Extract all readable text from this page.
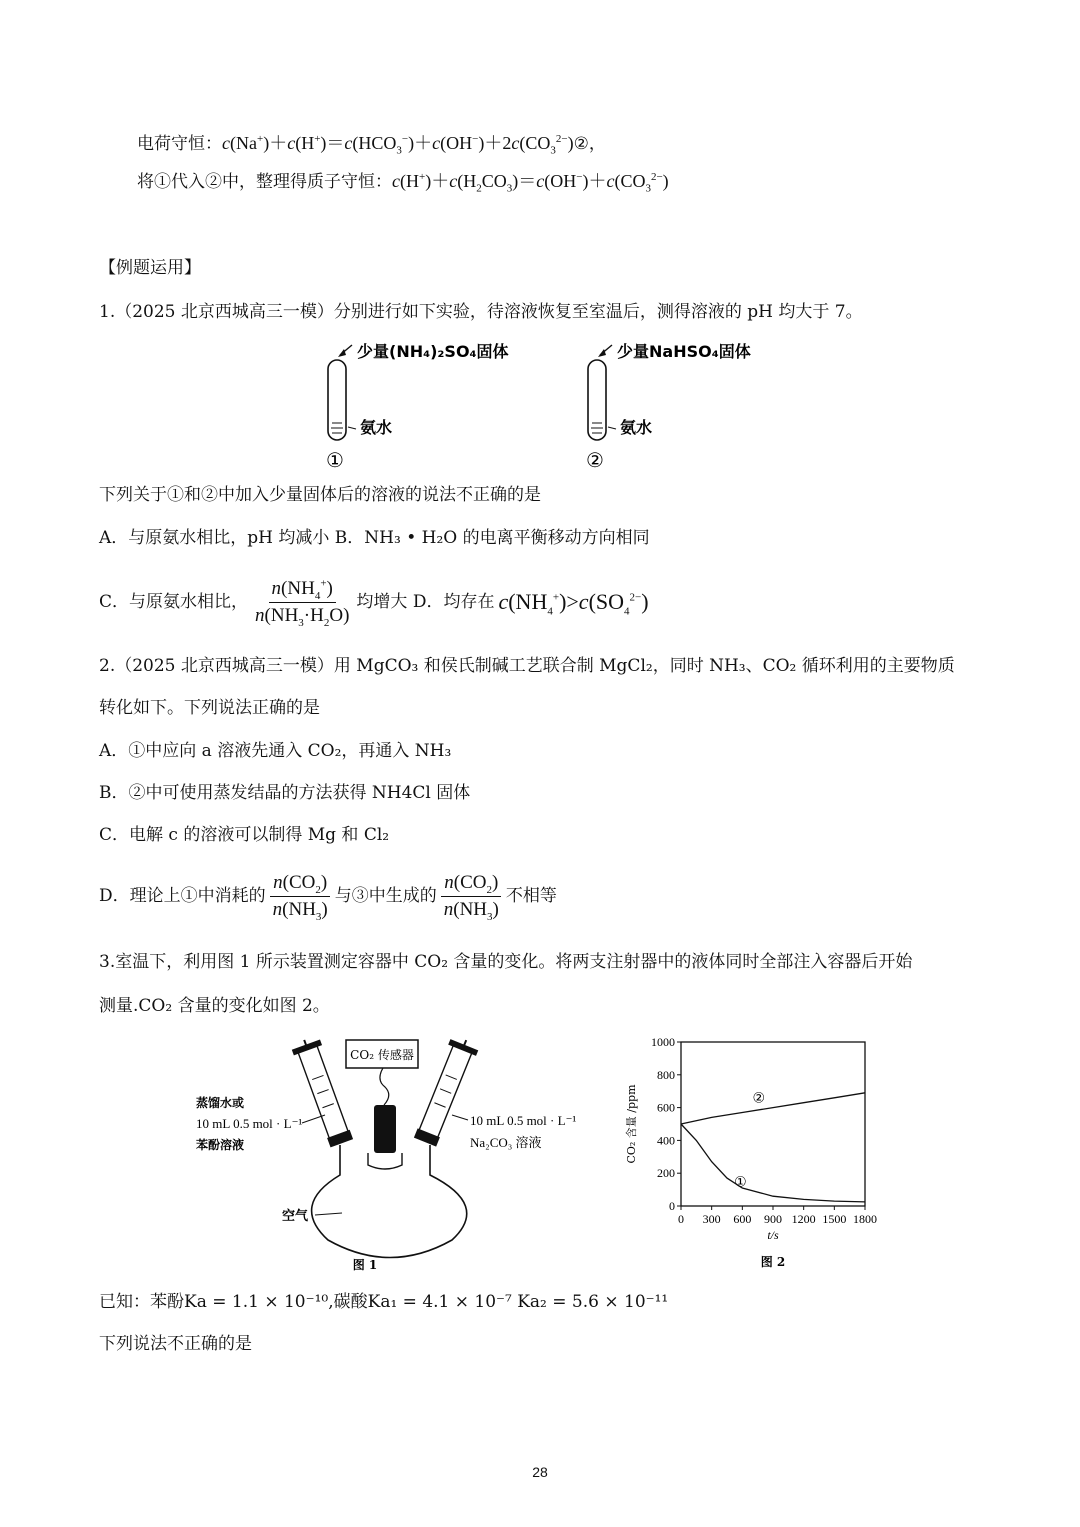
电荷守恒：$c(Na^+)+c(H^+)=c(HCO_3^-)+c(OH^-)+2c(CO_3^{2-})②$，
将①代入②中，整理得质子守恒：$c(H^+)+c(H_2CO_3)=c(OH^-)+c(CO_3^{2-})$
【例题运用】
1.（2025 北京西城高三一模）分别进行如下实验，待溶液恢复至室温后，测得溶液的 pH 均大于 7。
少量(NH₄)₂SO₄固体
氨水
①
少量NaHSO₄固体
氨水
②
下列关于①和②中加入少量固体后的溶液的说法不正确的是
A．与原氨水相比，pH 均减小 B．NH₃ • H₂O 的电离平衡移动方向相同
C．与原氨水相比， $\frac{n(NH_4^+)}{n(NH_3\cdot H_2O)}$ 均增大 D．均存在 $c(NH_4^+)>c(SO_4^{2-})$
2.（2025 北京西城高三一模）用 MgCO₃ 和侯氏制碱工艺联合制 MgCl₂，同时 NH₃、CO₂ 循环利用的主要物质
转化如下。下列说法正确的是
A．①中应向 a 溶液先通入 CO₂，再通入 NH₃
B．②中可使用蒸发结晶的方法获得 NH4Cl 固体
C．电解 c 的溶液可以制得 Mg 和 Cl₂
D．理论上①中消耗的 $\frac{n(CO_2)}{n(NH_3)}$ 与③中生成的 $\frac{n(CO_2)}{n(NH_3)}$ 不相等
3.室温下，利用图 1 所示装置测定容器中 CO₂ 含量的变化。将两支注射器中的液体同时全部注入容器后开始
测量.CO₂ 含量的变化如图 2。
CO₂ 传感器
蒸馏水或
10 mL 0.5 mol · L⁻¹
苯酚溶液
10 mL 0.5 mol · L⁻¹
Na₂CO₃ 溶液
空气
图 1
0
200
400
600
800
1000
0 300 600 900 1200 1500 1800
t/s
CO₂ 含量 /ppm	②
①
图 2
已知：苯酚Ka = 1.1 × 10⁻¹⁰,碳酸Ka₁ = 4.1 × 10⁻⁷ Ka₂ = 5.6 × 10⁻¹¹
下列说法不正确的是
28
